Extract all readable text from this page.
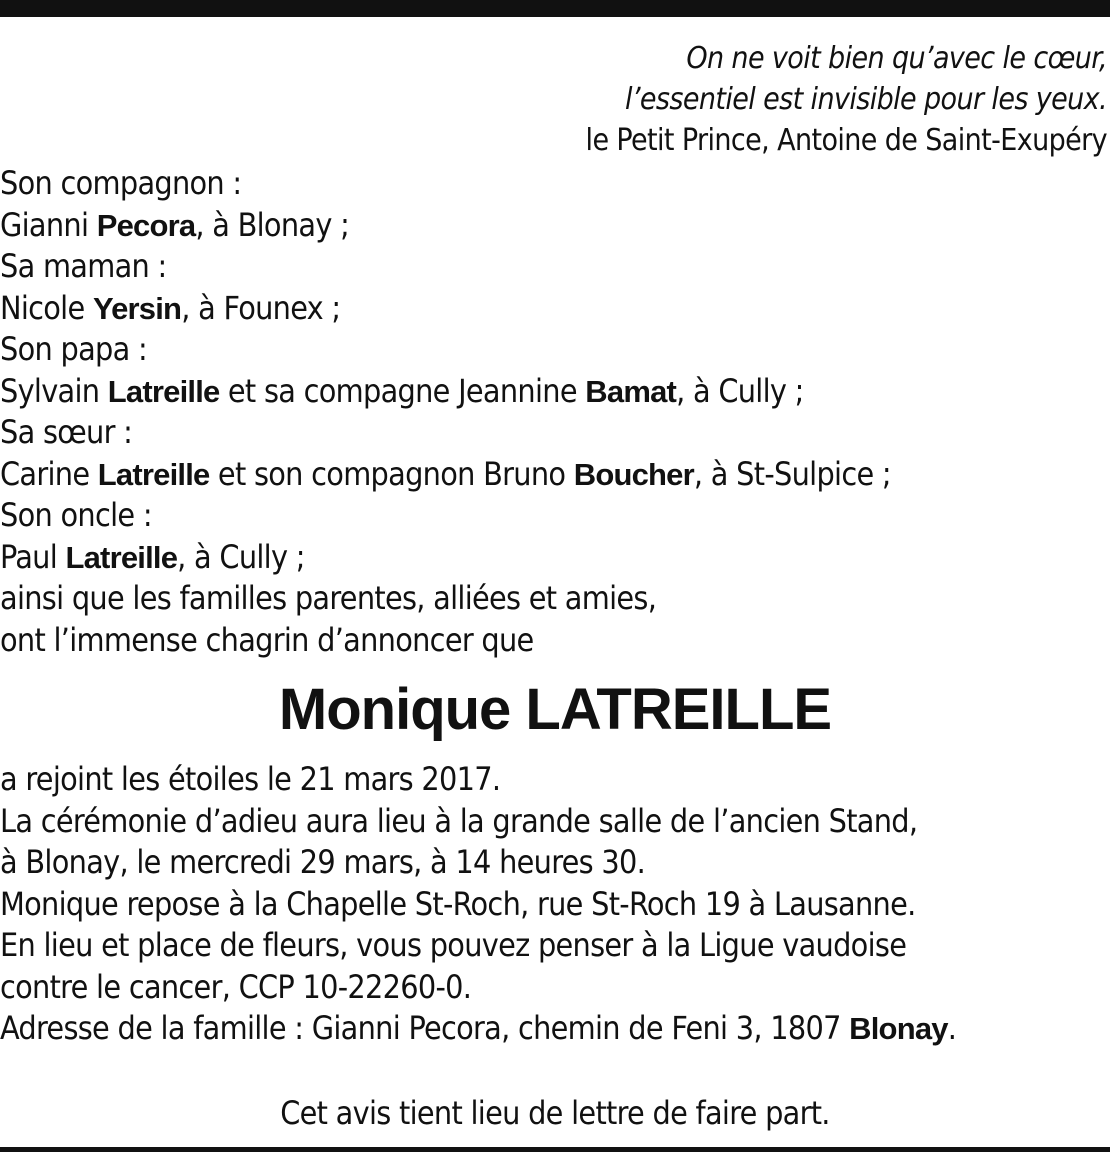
On ne voit bien qu’avec le cœur,
l’essentiel est invisible pour les yeux.
le Petit Prince, Antoine de Saint-Exupéry
Son compagnon :
Gianni Pecora, à Blonay ;
Sa maman :
Nicole Yersin, à Founex ;
Son papa :
Sylvain Latreille et sa compagne Jeannine Bamat, à Cully ;
Sa sœur :
Carine Latreille et son compagnon Bruno Boucher, à St-Sulpice ;
Son oncle :
Paul Latreille, à Cully ;
ainsi que les familles parentes, alliées et amies,
ont l’immense chagrin d’annoncer que
Monique LATREILLE
a rejoint les étoiles le 21 mars 2017.
La cérémonie d’adieu aura lieu à la grande salle de l’ancien Stand,
à Blonay, le mercredi 29 mars, à 14 heures 30.
Monique repose à la Chapelle St-Roch, rue St-Roch 19 à Lausanne.
En lieu et place de fleurs, vous pouvez penser à la Ligue vaudoise
contre le cancer, CCP 10-22260-0.
Adresse de la famille : Gianni Pecora, chemin de Feni 3, 1807 Blonay.
Cet avis tient lieu de lettre de faire part.
